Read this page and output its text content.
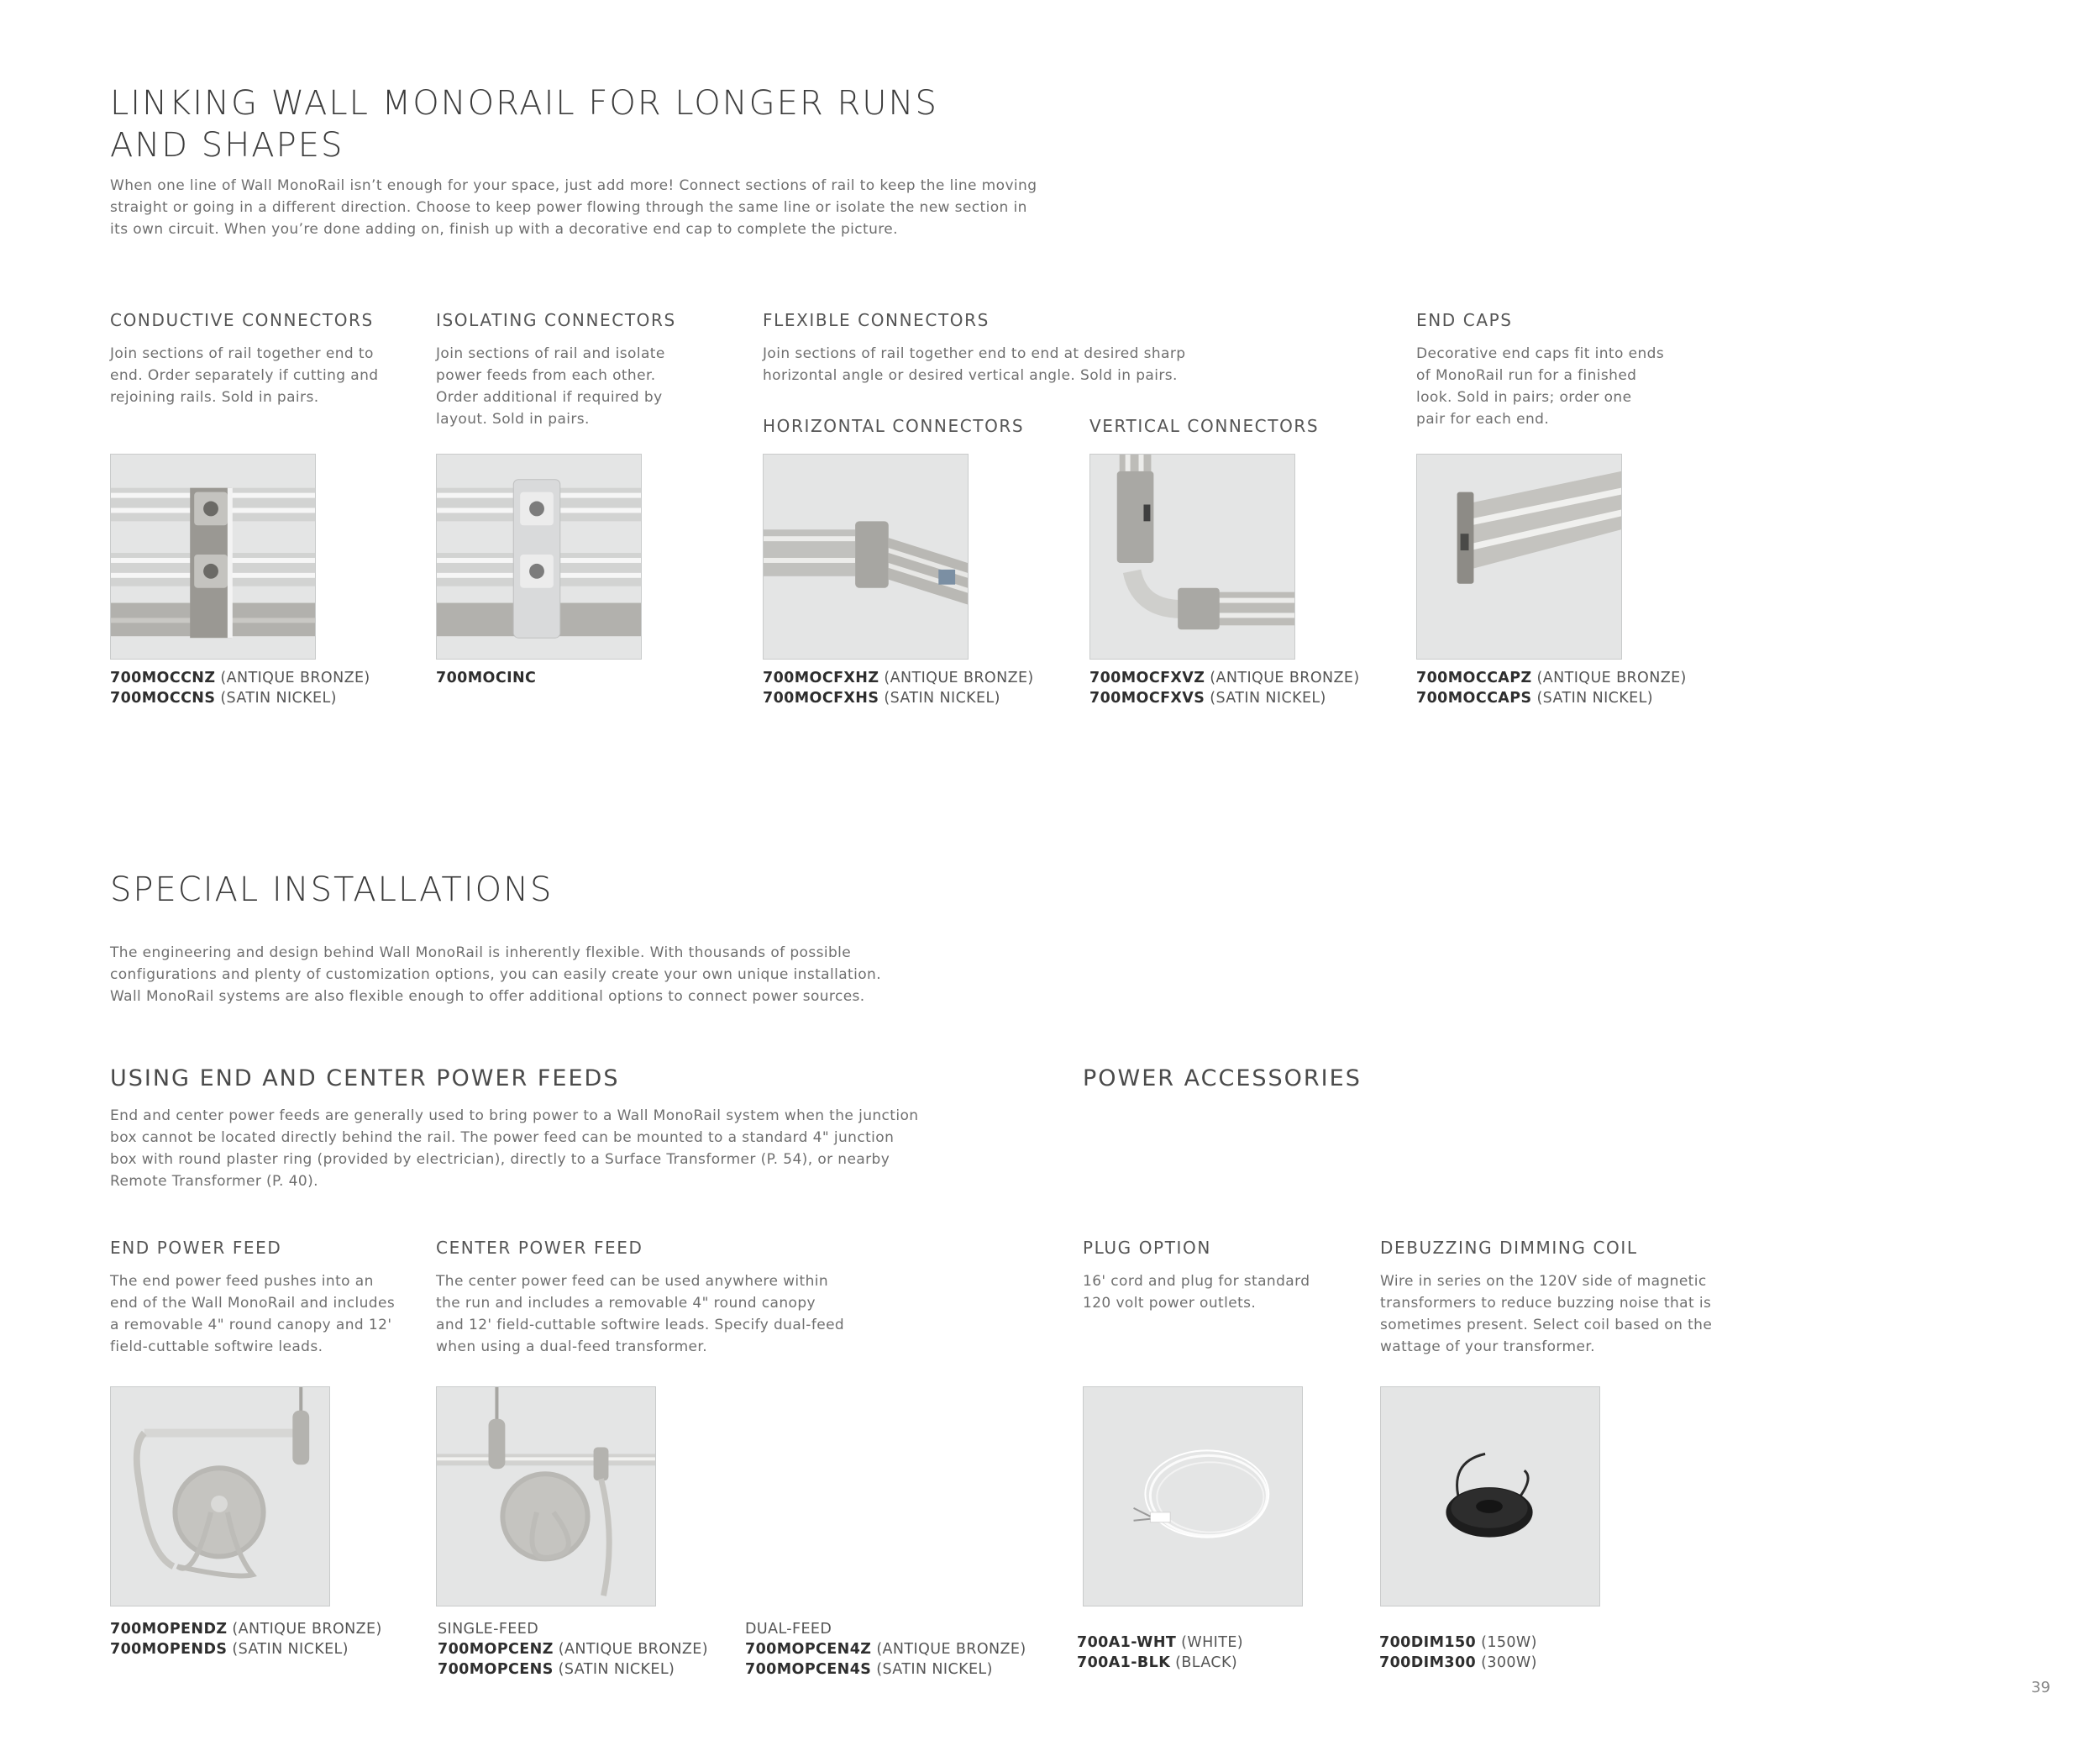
LINKING WALL MONORAIL FOR LONGER RUNS
AND SHAPES
When one line of Wall MonoRail isn’t enough for your space, just add more! Connect sections of rail to keep the line moving
straight or going in a different direction. Choose to keep power flowing through the same line or isolate the new section in
its own circuit. When you’re done adding on, finish up with a decorative end cap to complete the picture.
CONDUCTIVE CONNECTORS
Join sections of rail together end to
end. Order separately if cutting and
rejoining rails. Sold in pairs.
700MOCCNZ (ANTIQUE BRONZE)
700MOCCNS (SATIN NICKEL)
ISOLATING CONNECTORS
Join sections of rail and isolate
power feeds from each other.
Order additional if required by
layout. Sold in pairs.
700MOCINC
FLEXIBLE CONNECTORS
Join sections of rail together end to end at desired sharp
horizontal angle or desired vertical angle. Sold in pairs.
HORIZONTAL CONNECTORS
700MOCFXHZ (ANTIQUE BRONZE)
700MOCFXHS (SATIN NICKEL)
VERTICAL CONNECTORS
700MOCFXVZ (ANTIQUE BRONZE)
700MOCFXVS (SATIN NICKEL)
END CAPS
Decorative end caps fit into ends
of MonoRail run for a finished
look. Sold in pairs; order one
pair for each end.
700MOCCAPZ (ANTIQUE BRONZE)
700MOCCAPS (SATIN NICKEL)
SPECIAL INSTALLATIONS
The engineering and design behind Wall MonoRail is inherently flexible. With thousands of possible
configurations and plenty of customization options, you can easily create your own unique installation.
Wall MonoRail systems are also flexible enough to offer additional options to connect power sources.
USING END AND CENTER POWER FEEDS
End and center power feeds are generally used to bring power to a Wall MonoRail system when the junction
box cannot be located directly behind the rail. The power feed can be mounted to a standard 4" junction
box with round plaster ring (provided by electrician), directly to a Surface Transformer (P. 54), or nearby
Remote Transformer (P. 40).
END POWER FEED
The end power feed pushes into an
end of the Wall MonoRail and includes
a removable 4" round canopy and 12'
field-cuttable softwire leads.
700MOPENDZ (ANTIQUE BRONZE)
700MOPENDS (SATIN NICKEL)
CENTER POWER FEED
The center power feed can be used anywhere within
the run and includes a removable 4" round canopy
and 12' field-cuttable softwire leads. Specify dual-feed
when using a dual-feed transformer.
SINGLE-FEED
700MOPCENZ (ANTIQUE BRONZE)
700MOPCENS (SATIN NICKEL)
DUAL-FEED
700MOPCEN4Z (ANTIQUE BRONZE)
700MOPCEN4S (SATIN NICKEL)
POWER ACCESSORIES
PLUG OPTION
16' cord and plug for standard
120 volt power outlets.
700A1-WHT (WHITE)
700A1-BLK (BLACK)
DEBUZZING DIMMING COIL
Wire in series on the 120V side of magnetic
transformers to reduce buzzing noise that is
sometimes present. Select coil based on the
wattage of your transformer.
700DIM150 (150W)
700DIM300 (300W)
39
